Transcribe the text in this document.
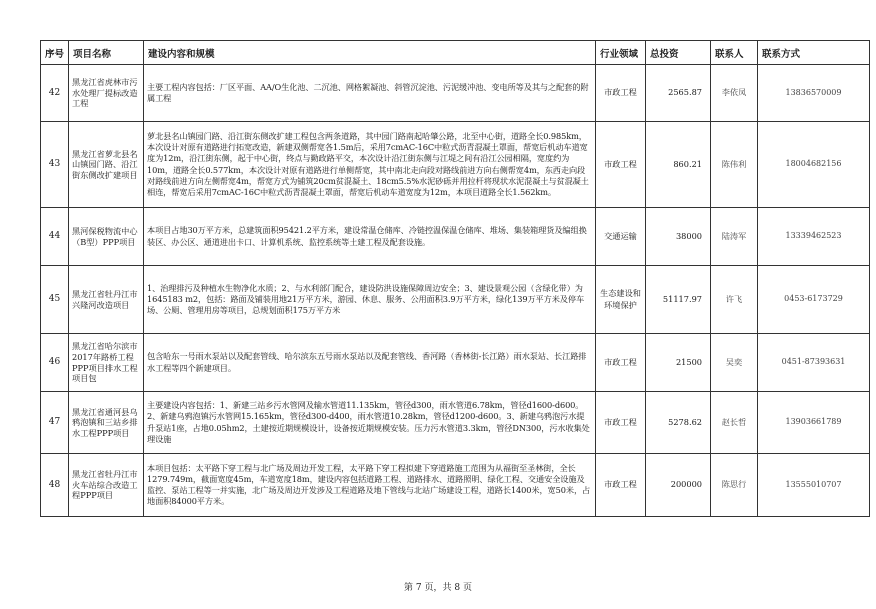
序号	项目名称	建设内容和规模	行业领域	总投资	联系人	联系方式
42	黑龙江省虎林市污水处理厂提标改造工程	主要工程内容包括：厂区平面、AA/O生化池、二沉池、网格絮凝池、斜管沉淀池、污泥缓冲池、变电所等及其与之配套的附属工程	市政工程	2565.87	李依凤	13836570009
43	黑龙江省萝北县名山镇园门路、沿江街东侧改扩建项目	萝北县名山镇园门路、沿江街东侧改扩建工程包含两条道路，其中园门路南起哈肇公路，北至中心街，道路全长0.985km，本次设计对原有道路进行拓宽改造，新建双侧帮宽各1.5m后，采用7cmAC-16C中粒式沥青混凝土罩面，帮宽后机动车道宽度为12m，沿江街东侧，起于中心街，终点与勤政路平交，本次设计沿江街东侧与江堤之间有沿江公园相隔，宽度约为10m，道路全长0.577km，本次设计对原有道路进行单侧帮宽，其中南北走向段对路线前进方向右侧帮宽4m，东西走向段对路线前进方向左侧帮宽4m，帮宽方式为铺筑20cm贫混凝土、18cm5.5%水泥砂砾并用拉杆将现状水泥混凝土与贫混凝土相连，帮宽后采用7cmAC-16C中粒式沥青混凝土罩面，帮宽后机动车道宽度为12m，本项目道路全长1.562km。	市政工程	860.21	陈伟利	18004682156
44	黑河保税物流中心（B型）PPP项目	本项目占地30万平方米，总建筑面积95421.2平方米，建设常温仓储库、冷链控温保温仓储库、堆场、集装箱理货及编组换装区、办公区、通道进出卡口、计算机系统、监控系统等土建工程及配套设施。	交通运输	38000	陆涛军	13339462523
45	黑龙江省牡丹江市兴隆河改造项目	1、治理排污及种植水生物净化水质；2、与水利部门配合，建设防洪设施保障周边安全；3、建设景观公园（含绿化带）为1645183 m2，包括：路面及铺装用地21万平方米，游园、休息、服务、公用面积3.9万平方米，绿化139万平方米及停车场、公厕、管理用房等项目，总规划面积175万平方米	生态建设和环境保护	51117.97	许飞	0453-6173729
46	黑龙江省哈尔滨市2017年路桥工程PPP项目排水工程项目包	包含哈东一号雨水泵站以及配套管线、哈尔滨东五号雨水泵站以及配套管线、香河路（香林街-长江路）雨水泵站、长江路排水工程等四个新建项目。	市政工程	21500	吴奕	0451-87393631
47	黑龙江省通河县乌鸦泡镇和三站乡排水工程PPP项目	主要建设内容包括：1、新建三站乡污水管网及输水管道11.135km，管径d300，雨水管道6.78km，管径d1600-d600。2、新建乌鸦泡镇污水管网15.165km，管径d300-d400，雨水管道10.28km，管径d1200-d600。3、新建乌鸦泡污水提升泵站1座，占地0.05hm2，土建按近期规模设计，设备按近期规模安装。压力污水管道3.3km，管径DN300，污水收集处理设施	市政工程	5278.62	赵长哲	13903661789
48	黑龙江省牡丹江市火车站综合改造工程PPP项目	本项目包括：太平路下穿工程与北广场及周边开发工程，太平路下穿工程拟建下穿道路施工范围为从福街至圣林街，全长1279.749m，截面宽度45m，车道宽度18m，建设内容包括道路工程、道路排水、道路照明、绿化工程、交通安全设施及监控、泵站工程等一并实施，北广场及周边开发涉及工程道路及地下管线与北站广场建设工程，道路长1400米，宽50米，占地面积84000平方米。	市政工程	200000	陈思行	13555010707
第 7 页，共 8 页
